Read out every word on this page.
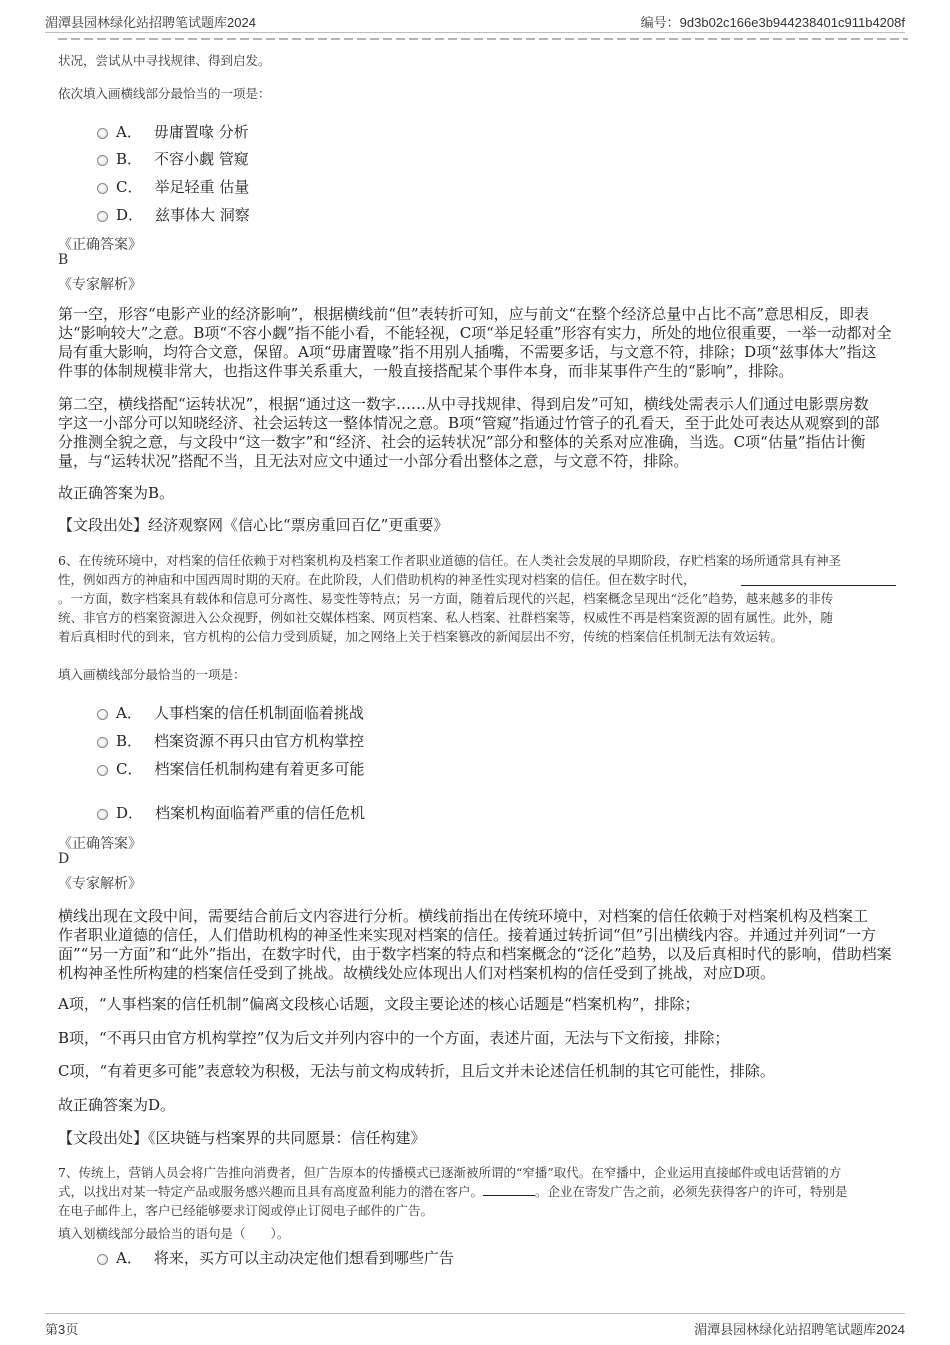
湄潭县园林绿化站招聘笔试题库2024	编号：9d3b02c166e3b944238401c911b4208f
状况，尝试从中寻找规律、得到启发。
依次填入画横线部分最恰当的一项是：
A． 毋庸置喙 分析
B． 不容小觑 管窥
C． 举足轻重 估量
D． 兹事体大 洞察
《正确答案》
B
《专家解析》
第一空，形容“电影产业的经济影响”，根据横线前“但”表转折可知，应与前文“在整个经济总量中占比不高”意思相反，即表
达“影响较大”之意。B项“不容小觑”指不能小看，不能轻视，C项“举足轻重”形容有实力，所处的地位很重要，一举一动都对全
局有重大影响，均符合文意，保留。A项“毋庸置喙”指不用别人插嘴，不需要多话，与文意不符，排除；D项“兹事体大”指这
件事的体制规模非常大，也指这件事关系重大，一般直接搭配某个事件本身，而非某事件产生的“影响”，排除。
第二空，横线搭配“运转状况”，根据“通过这一数字……从中寻找规律、得到启发”可知，横线处需表示人们通过电影票房数
字这一小部分可以知晓经济、社会运转这一整体情况之意。B项“管窥”指通过竹管子的孔看天，至于此处可表达从观察到的部
分推测全貌之意，与文段中“这一数字”和“经济、社会的运转状况”部分和整体的关系对应准确，当选。C项“估量”指估计衡
量，与“运转状况”搭配不当，且无法对应文中通过一小部分看出整体之意，与文意不符，排除。
故正确答案为B。
【文段出处】经济观察网《信心比“票房重回百亿”更重要》
6、在传统环境中，对档案的信任依赖于对档案机构及档案工作者职业道德的信任。在人类社会发展的早期阶段，存贮档案的场所通常具有神圣
性，例如西方的神庙和中国西周时期的天府。在此阶段，人们借助机构的神圣性实现对档案的信任。但在数字时代，
。一方面，数字档案具有载体和信息可分离性、易变性等特点；另一方面，随着后现代的兴起，档案概念呈现出“泛化”趋势，越来越多的非传
统、非官方的档案资源进入公众视野，例如社交媒体档案、网页档案、私人档案、社群档案等，权威性不再是档案资源的固有属性。此外，随
着后真相时代的到来，官方机构的公信力受到质疑，加之网络上关于档案篡改的新闻层出不穷，传统的档案信任机制无法有效运转。
填入画横线部分最恰当的一项是：
A． 人事档案的信任机制面临着挑战
B． 档案资源不再只由官方机构掌控
C． 档案信任机制构建有着更多可能
D． 档案机构面临着严重的信任危机
《正确答案》
D
《专家解析》
横线出现在文段中间，需要结合前后文内容进行分析。横线前指出在传统环境中，对档案的信任依赖于对档案机构及档案工
作者职业道德的信任，人们借助机构的神圣性来实现对档案的信任。接着通过转折词“但”引出横线内容。并通过并列词“一方
面”“另一方面”和“此外”指出，在数字时代，由于数字档案的特点和档案概念的“泛化”趋势，以及后真相时代的影响，借助档案
机构神圣性所构建的档案信任受到了挑战。故横线处应体现出人们对档案机构的信任受到了挑战，对应D项。
A项，“人事档案的信任机制”偏离文段核心话题，文段主要论述的核心话题是“档案机构”，排除；
B项，“不再只由官方机构掌控”仅为后文并列内容中的一个方面，表述片面，无法与下文衔接，排除；
C项，“有着更多可能”表意较为积极，无法与前文构成转折，且后文并未论述信任机制的其它可能性，排除。
故正确答案为D。
【文段出处】《区块链与档案界的共同愿景：信任构建》
7、传统上，营销人员会将广告推向消费者，但广告原本的传播模式已逐渐被所谓的“窄播”取代。在窄播中，企业运用直接邮件或电话营销的方
式，以找出对某一特定产品或服务感兴趣而且具有高度盈利能力的潜在客户。	。企业在寄发广告之前，必须先获得客户的许可，特别是
在电子邮件上，客户已经能够要求订阅或停止订阅电子邮件的广告。
填入划横线部分最恰当的语句是（　　）。
A． 将来，买方可以主动决定他们想看到哪些广告
第3页	湄潭县园林绿化站招聘笔试题库2024
